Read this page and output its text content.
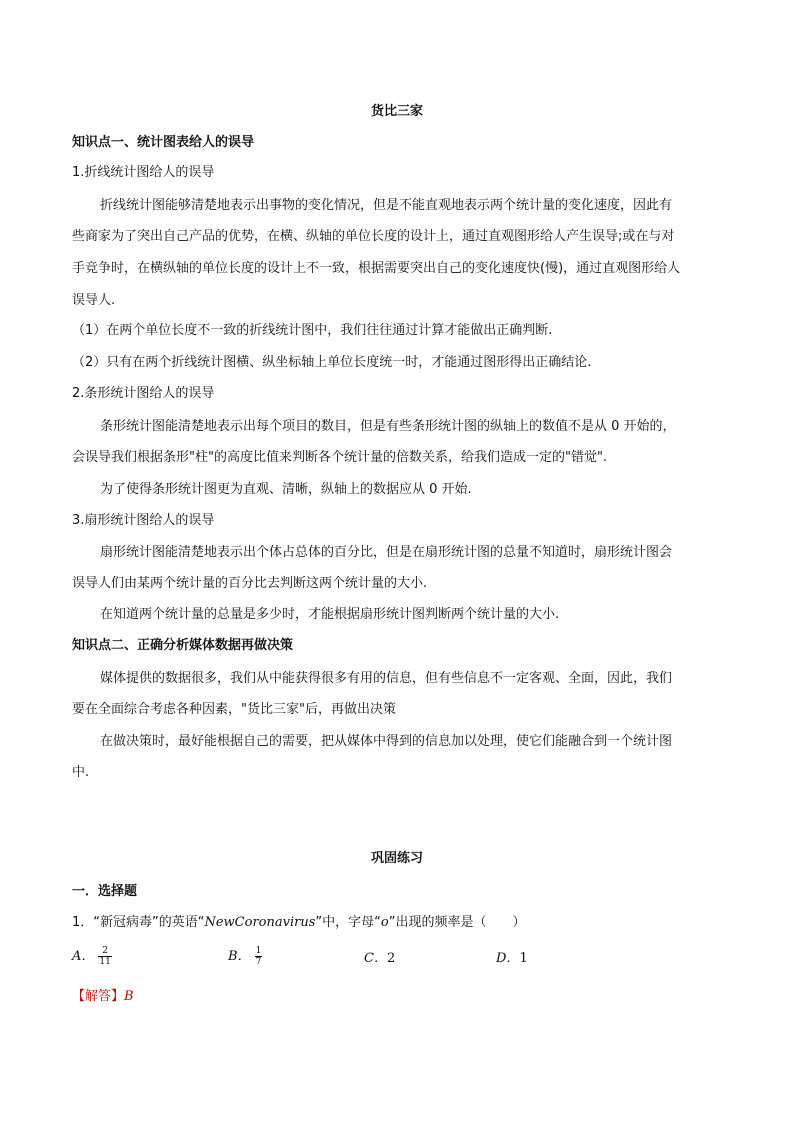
货比三家
知识点一、统计图表给人的误导
1.折线统计图给人的误导
折线统计图能够清楚地表示出事物的变化情况，但是不能直观地表示两个统计量的变化速度，因此有
些商家为了突出自己产品的优势，在横、纵轴的单位长度的设计上，通过直观图形给人产生误导;或在与对
手竞争时，在横纵轴的单位长度的设计上不一致，根据需要突出自己的变化速度快(慢)，通过直观图形给人
误导人.
（1）在两个单位长度不一致的折线统计图中，我们往往通过计算才能做出正确判断.
（2）只有在两个折线统计图横、纵坐标轴上单位长度统一时，才能通过图形得出正确结论.
2.条形统计图给人的误导
条形统计图能清楚地表示出每个项目的数目，但是有些条形统计图的纵轴上的数值不是从 0 开始的，
会误导我们根据条形"柱"的高度比值来判断各个统计量的倍数关系，给我们造成一定的"错觉".
为了使得条形统计图更为直观、清晰，纵轴上的数据应从 0 开始.
3.扇形统计图给人的误导
扇形统计图能清楚地表示出个体占总体的百分比，但是在扇形统计图的总量不知道时，扇形统计图会
误导人们由某两个统计量的百分比去判断这两个统计量的大小.
在知道两个统计量的总量是多少时，才能根据扇形统计图判断两个统计量的大小.
知识点二、正确分析媒体数据再做决策
媒体提供的数据很多，我们从中能获得很多有用的信息，但有些信息不一定客观、全面，因此，我们
要在全面综合考虑各种因素，"货比三家"后，再做出决策
在做决策时，最好能根据自己的需要，把从媒体中得到的信息加以处理，使它们能融合到一个统计图
中.
巩固练习
一．选择题
1．“新冠病毒”的英语“NewCoronavirus”中，字母“o”出现的频率是（　　）
A． $\frac{2}{11}$	B． $\frac{1}{7}$	C．2	D．1
【解答】B
